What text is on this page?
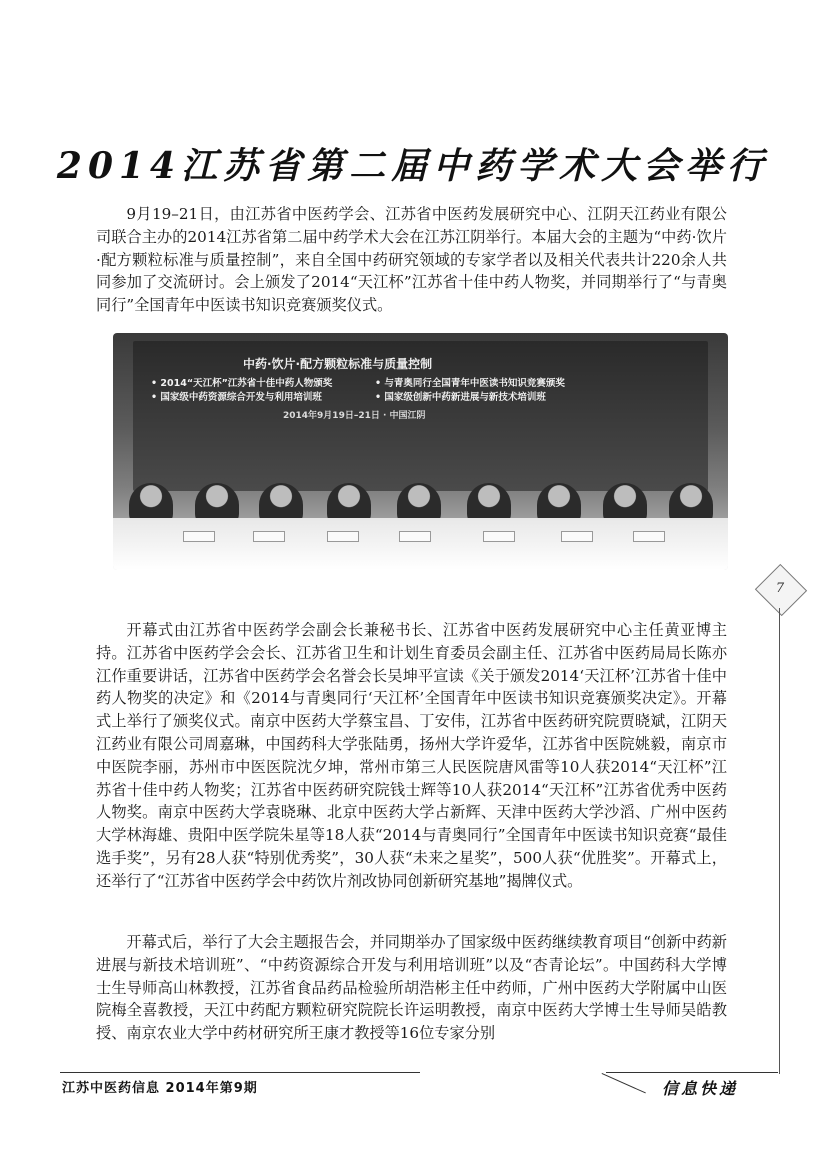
2014江苏省第二届中药学术大会举行

9月19–21日，由江苏省中医药学会、江苏省中医药发展研究中心、江阴天江药业有限公司联合主办的2014江苏省第二届中药学术大会在江苏江阴举行。本届大会的主题为“中药·饮片·配方颗粒标准与质量控制”，来自全国中药研究领域的专家学者以及相关代表共计220余人共同参加了交流研讨。会上颁发了2014“天江杯”江苏省十佳中药人物奖，并同期举行了“与青奥同行”全国青年中医读书知识竞赛颁奖仪式。

中药·饮片·配方颗粒标准与质量控制
• 2014“天江杯”江苏省十佳中药人物颁奖	• 与青奥同行全国青年中医读书知识竞赛颁奖
• 国家级中药资源综合开发与利用培训班	• 国家级创新中药新进展与新技术培训班
2014年9月19日–21日 · 中国江阴
7

开幕式由江苏省中医药学会副会长兼秘书长、江苏省中医药发展研究中心主任黄亚博主持。江苏省中医药学会会长、江苏省卫生和计划生育委员会副主任、江苏省中医药局局长陈亦江作重要讲话，江苏省中医药学会名誉会长吴坤平宣读《关于颁发2014‘天江杯’江苏省十佳中药人物奖的决定》和《2014与青奥同行‘天江杯’全国青年中医读书知识竞赛颁奖决定》。开幕式上举行了颁奖仪式。南京中医药大学蔡宝昌、丁安伟，江苏省中医药研究院贾晓斌，江阴天江药业有限公司周嘉琳，中国药科大学张陆勇，扬州大学许爱华，江苏省中医院姚毅，南京市中医院李丽，苏州市中医医院沈夕坤，常州市第三人民医院唐风雷等10人获2014“天江杯”江苏省十佳中药人物奖；江苏省中医药研究院钱士辉等10人获2014“天江杯”江苏省优秀中医药人物奖。南京中医药大学袁晓琳、北京中医药大学占新辉、天津中医药大学沙滔、广州中医药大学林海雄、贵阳中医学院朱星等18人获“2014与青奥同行”全国青年中医读书知识竞赛“最佳选手奖”，另有28人获“特别优秀奖”，30人获“未来之星奖”，500人获“优胜奖”。开幕式上，还举行了“江苏省中医药学会中药饮片剂改协同创新研究基地”揭牌仪式。

开幕式后，举行了大会主题报告会，并同期举办了国家级中医药继续教育项目“创新中药新进展与新技术培训班”、“中药资源综合开发与利用培训班”以及“杏青论坛”。中国药科大学博士生导师高山林教授，江苏省食品药品检验所胡浩彬主任中药师，广州中医药大学附属中山医院梅全喜教授，天江中药配方颗粒研究院院长许运明教授，南京中医药大学博士生导师吴皓教授、南京农业大学中药材研究所王康才教授等16位专家分别

江苏中医药信息 2014年第9期	信息快递
